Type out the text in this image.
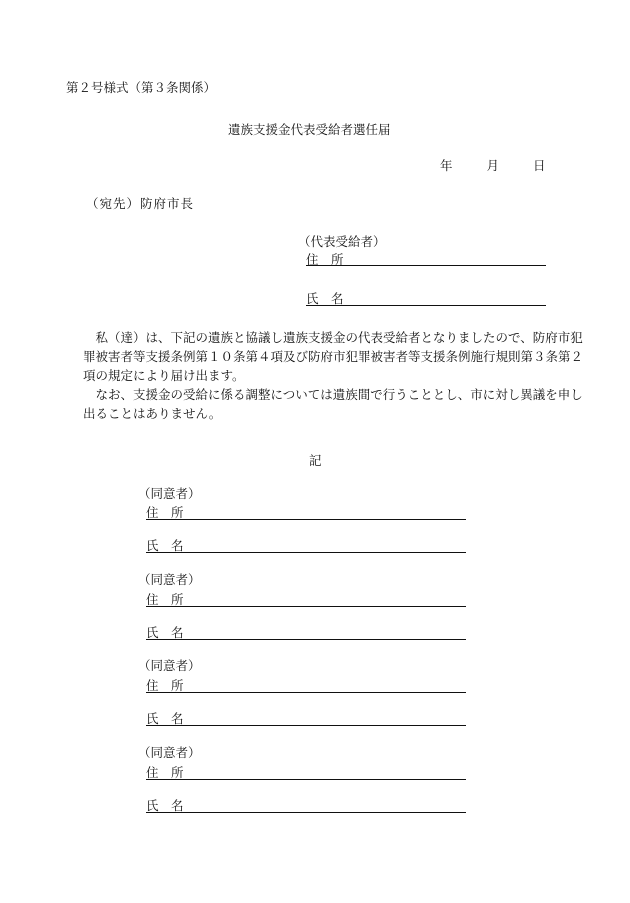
第２号様式（第３条関係）
遺族支援金代表受給者選任届
年	月	日
（宛先）防府市長
（代表受給者）
住　所
氏　名

　私（達）は、下記の遺族と協議し遺族支援金の代表受給者となりましたので、防府市犯罪被害者等支援条例第１０条第４項及び防府市犯罪被害者等支援条例施行規則第３条第２項の規定により届け出ます。

　なお、支援金の受給に係る調整については遺族間で行うこととし、市に対し異議を申し出ることはありません。

記
（同意者）
住　所
氏　名
（同意者）
住　所
氏　名
（同意者）
住　所
氏　名
（同意者）
住　所
氏　名
